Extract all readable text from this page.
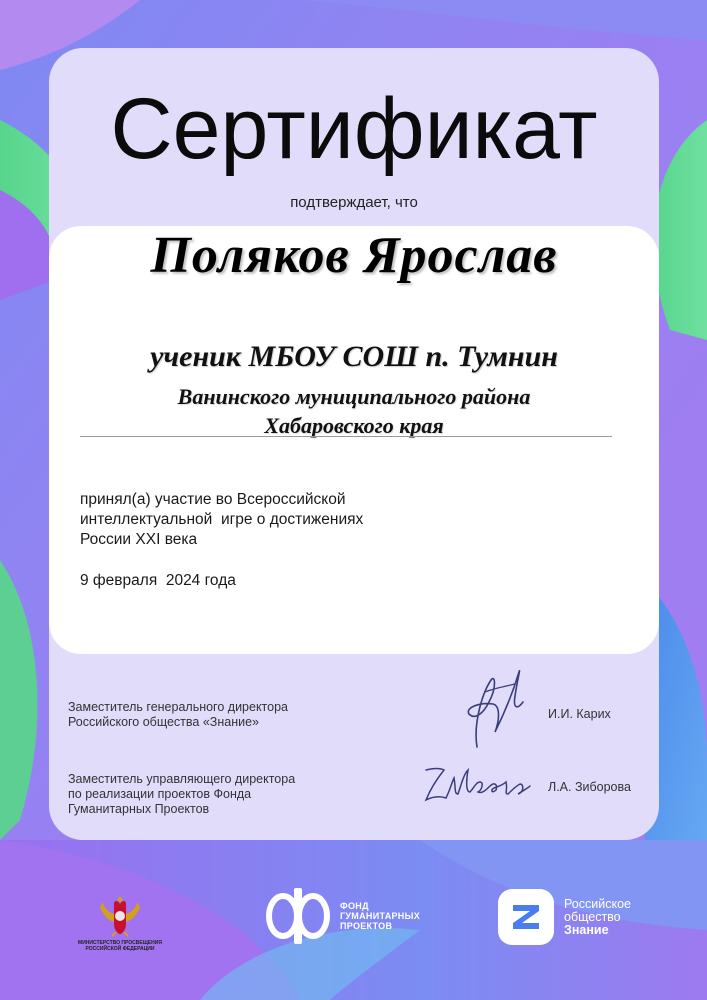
Сертификат
подтверждает, что
Поляков Ярослав
ученик МБОУ СОШ п. Тумнин
Ванинского муниципального района
Хабаровского края
принял(а) участие во Всероссийской
интеллектуальной  игре о достижениях
России XXI века
9 февраля  2024 года
Заместитель генерального директора
Российского общества «Знание»
И.И. Карих
Заместитель управляющего директора
по реализации проектов Фонда
Гуманитарных Проектов
Л.А. Зиборова
МИНИСТЕРСТВО ПРОСВЕЩЕНИЯ
РОССИЙСКОЙ ФЕДЕРАЦИИ
ФОНД
ГУМАНИТАРНЫХ
ПРОЕКТОВ
Российское
общество
Знание
